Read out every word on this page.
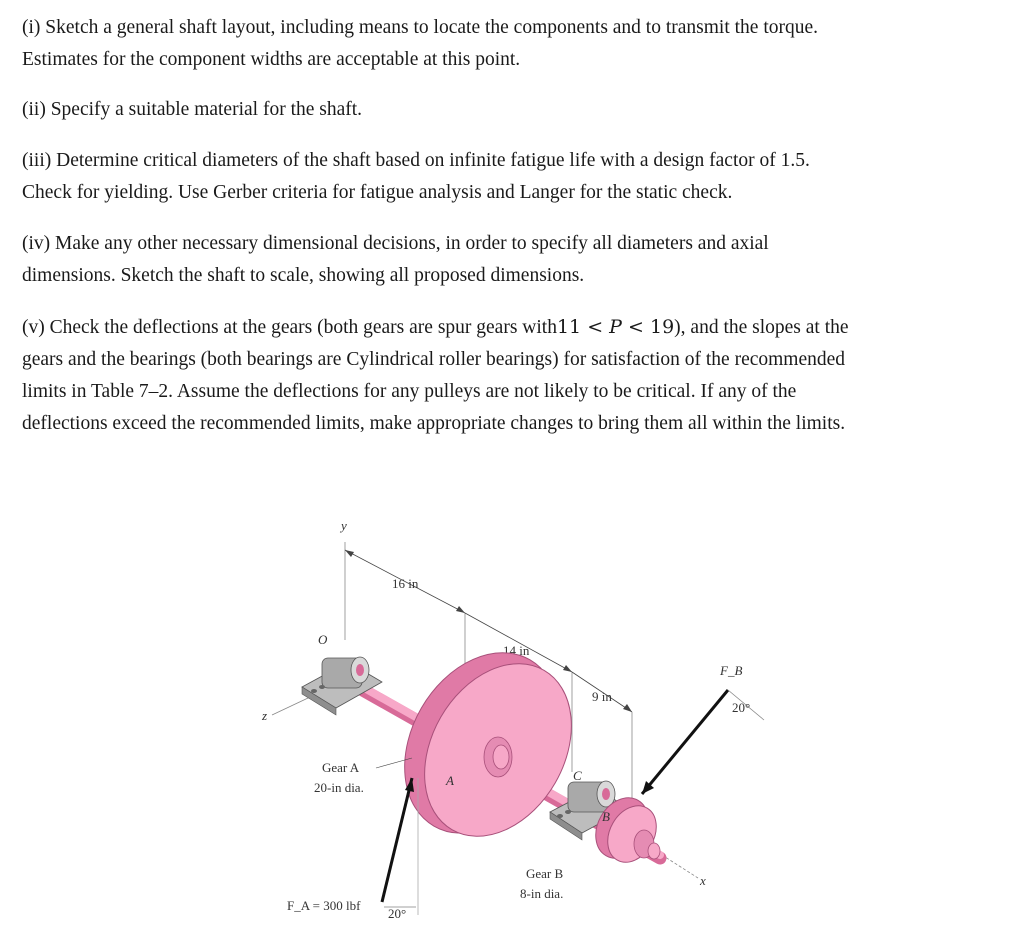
(i) Sketch a general shaft layout, including means to locate the components and to transmit the torque.
Estimates for the component widths are acceptable at this point.

(ii) Specify a suitable material for the shaft.

(iii) Determine critical diameters of the shaft based on infinite fatigue life with a design factor of 1.5.
Check for yielding. Use Gerber criteria for fatigue analysis and Langer for the static check.

(iv) Make any other necessary dimensional decisions, in order to specify all diameters and axial
dimensions. Sketch the shaft to scale, showing all proposed dimensions.

(v) Check the deflections at the gears (both gears are spur gears with11 < P < 19), and the slopes at the
gears and the bearings (both bearings are Cylindrical roller bearings) for satisfaction of the recommended
limits in Table 7–2. Assume the deflections for any pulleys are not likely to be critical. If any of the
deflections exceed the recommended limits, make appropriate changes to bring them all within the limits.

y
z
x
16 in
14 in
9 in
O
A	C
B
F_B
20°
F_A = 300 lbf
20°
Gear A
20-in dia.
Gear B
8-in dia.
